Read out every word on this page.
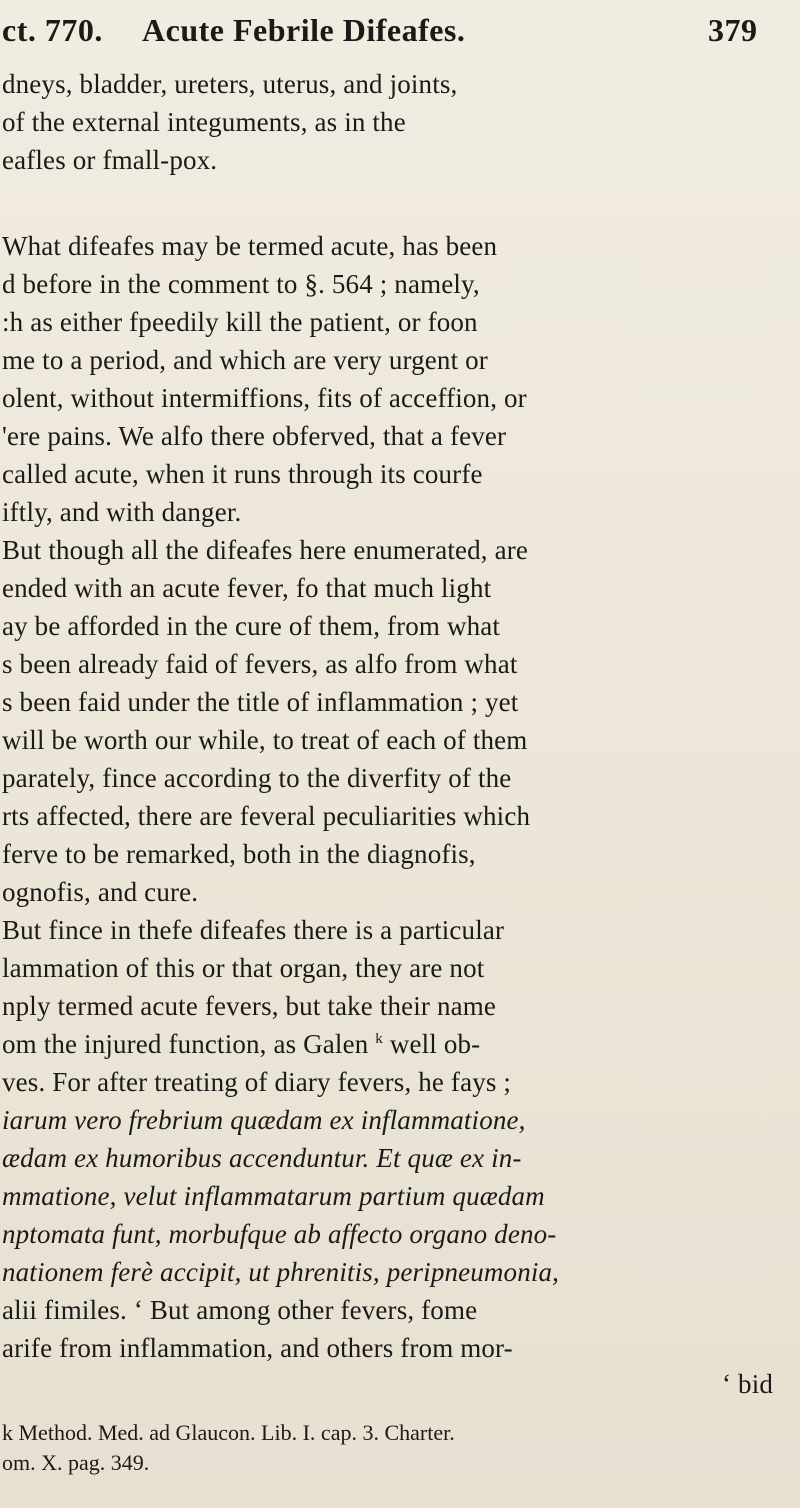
ct. 770. Acute Febrile Difeafes.	379
dneys, bladder, ureters, uterus, and joints,
of the external integuments, as in the
eafles or fmall-pox.
What difeafes may be termed acute, has been
d before in the comment to §. 564 ; namely,
:h as either fpeedily kill the patient, or foon
me to a period, and which are very urgent or
olent, without intermiffions, fits of acceffion, or
'ere pains. We alfo there obferved, that a fever
called acute, when it runs through its courfe
iftly, and with danger.
But though all the difeafes here enumerated, are
ended with an acute fever, fo that much light
ay be afforded in the cure of them, from what
s been already faid of fevers, as alfo from what
s been faid under the title of inflammation ; yet
will be worth our while, to treat of each of them
parately, fince according to the diverfity of the
rts affected, there are feveral peculiarities which
ferve to be remarked, both in the diagnofis,
ognofis, and cure.
But fince in thefe difeafes there is a particular
lammation of this or that organ, they are not
nply termed acute fevers, but take their name
om the injured function, as Galen $^k$ well ob-
ves. For after treating of diary fevers, he fays ;
iarum vero frebrium quædam ex inflammatione,
ædam ex humoribus accenduntur. Et quæ ex in-
mmatione, velut inflammatarum partium quædam
nptomata funt, morbufque ab affecto organo deno-
nationem ferè accipit, ut phrenitis, peripneumonia,
alii fimiles. ‘ But among other fevers, fome
arife from inflammation, and others from mor-
‘ bid
k Method. Med. ad Glaucon. Lib. I. cap. 3. Charter.
om. X. pag. 349.
